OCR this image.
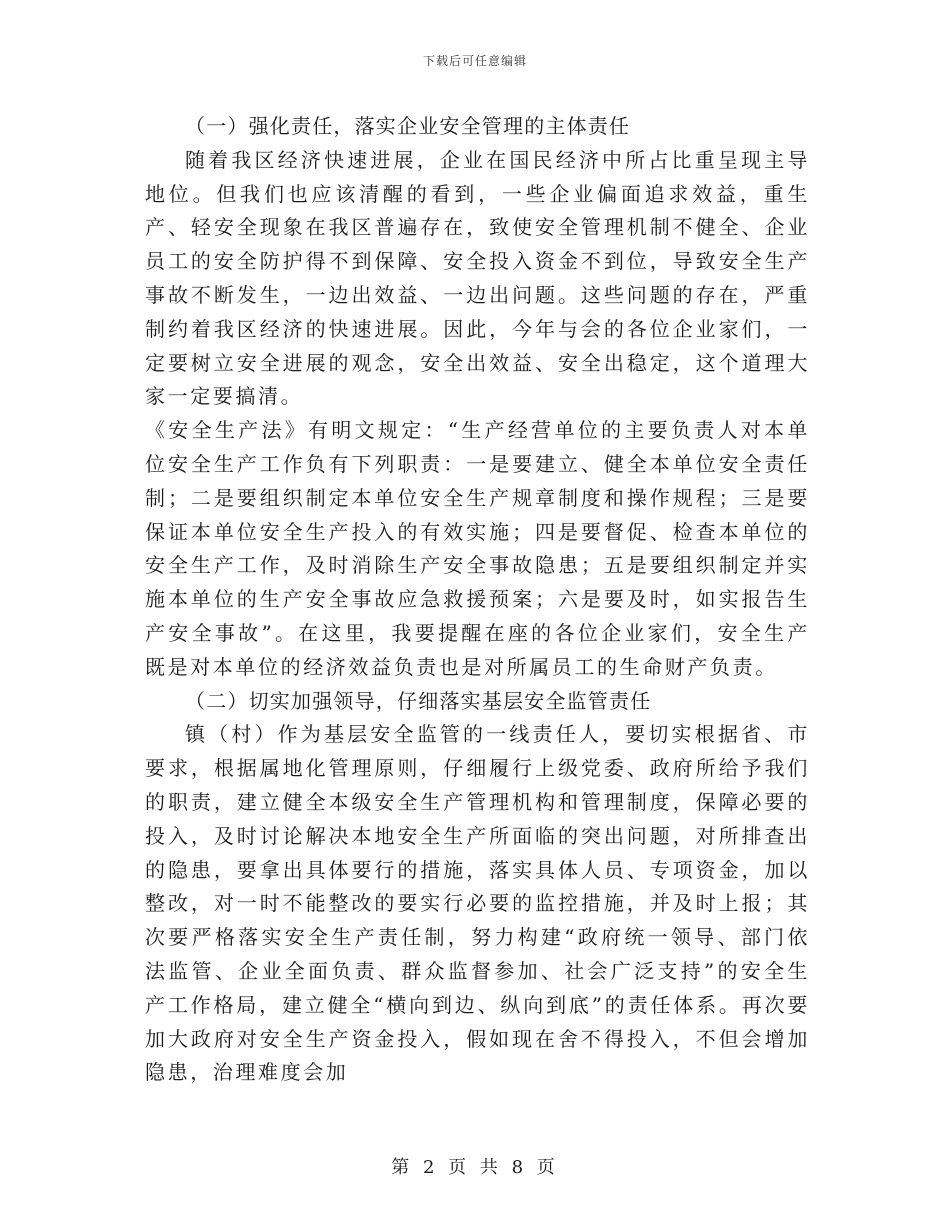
下载后可任意编辑

（一）强化责任，落实企业安全管理的主体责任

随着我区经济快速进展，企业在国民经济中所占比重呈现主导地位。但我们也应该清醒的看到，一些企业偏面追求效益，重生产、轻安全现象在我区普遍存在，致使安全管理机制不健全、企业员工的安全防护得不到保障、安全投入资金不到位，导致安全生产事故不断发生，一边出效益、一边出问题。这些问题的存在，严重制约着我区经济的快速进展。因此，今年与会的各位企业家们，一定要树立安全进展的观念，安全出效益、安全出稳定，这个道理大家一定要搞清。

《安全生产法》有明文规定：“生产经营单位的主要负责人对本单位安全生产工作负有下列职责：一是要建立、健全本单位安全责任制；二是要组织制定本单位安全生产规章制度和操作规程；三是要保证本单位安全生产投入的有效实施；四是要督促、检查本单位的安全生产工作，及时消除生产安全事故隐患；五是要组织制定并实施本单位的生产安全事故应急救援预案；六是要及时，如实报告生产安全事故”。在这里，我要提醒在座的各位企业家们，安全生产既是对本单位的经济效益负责也是对所属员工的生命财产负责。

（二）切实加强领导，仔细落实基层安全监管责任

镇（村）作为基层安全监管的一线责任人，要切实根据省、市要求，根据属地化管理原则，仔细履行上级党委、政府所给予我们的职责，建立健全本级安全生产管理机构和管理制度，保障必要的投入，及时讨论解决本地安全生产所面临的突出问题，对所排查出的隐患，要拿出具体要行的措施，落实具体人员、专项资金，加以整改，对一时不能整改的要实行必要的监控措施，并及时上报；其次要严格落实安全生产责任制，努力构建“政府统一领导、部门依法监管、企业全面负责、群众监督参加、社会广泛支持”的安全生产工作格局，建立健全“横向到边、纵向到底”的责任体系。再次要加大政府对安全生产资金投入，假如现在舍不得投入，不但会增加隐患，治理难度会加

第 2 页 共 8 页
